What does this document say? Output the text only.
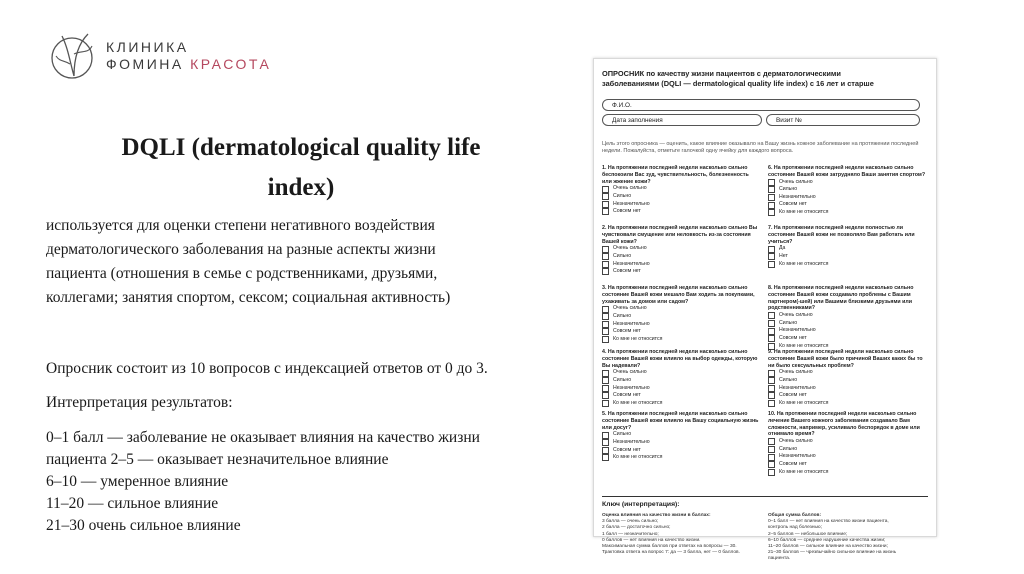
КЛИНИКА
ФОМИНА КРАСОТА
DQLI (dermatological quality life
index)
используется для оценки степени негативного воздействия
дерматологического заболевания на разные аспекты жизни
пациента (отношения в семье с родственниками, друзьями,
коллегами; занятия спортом, сексом; социальная активность)
Опросник состоит из 10 вопросов с индексацией ответов от 0 до 3.
Интерпретация результатов:
0–1 балл — заболевание не оказывает влияния на качество жизни
пациента 2–5 — оказывает незначительное влияние
6–10 — умеренное влияние
11–20 — сильное влияние
21–30 очень сильное влияние
ОПРОСНИК по качеству жизни пациентов с дерматологическими
заболеваниями (DQLI — dermatological quality life index) с 16 лет и старше
Ф.И.О.
Дата заполнения	Визит №
Цель этого опросника — оценить, какое влияние оказывало на Вашу жизнь кожное заболевание на протяжении последней
недели. Пожалуйста, отметьте галочкой одну ячейку для каждого вопроса.
1. На протяжении последней недели насколько сильно беспокоили Вас зуд, чувствительность, болезненность или жжение кожи?
Очень сильно
Сильно
Незначительно
Совсем нет
2. На протяжении последней недели насколько сильно Вы чувствовали смущение или неловкость из-за состояния Вашей кожи?
Очень сильно
Сильно
Незначительно
Совсем нет
3. На протяжении последней недели насколько сильно состояние Вашей кожи мешало Вам ходить за покупками, ухаживать за домом или садом?
Очень сильно
Сильно
Незначительно
Совсем нет
Ко мне не относится
4. На протяжении последней недели насколько сильно состояние Вашей кожи влияло на выбор одежды, которую Вы надевали?
Очень сильно
Сильно
Незначительно
Совсем нет
Ко мне не относится
5. На протяжении последней недели насколько сильно состояние Вашей кожи влияло на Вашу социальную жизнь или досуг?
Сильно
Незначительно
Совсем нет
Ко мне не относится
6. На протяжении последней недели насколько сильно состояние Вашей кожи затрудняло Ваши занятия спортом?
Очень сильно
Сильно
Незначительно
Совсем нет
Ко мне не относится
7. На протяжении последней недели полностью ли состояние Вашей кожи не позволяло Вам работать или учиться?
Да
Нет
Ко мне не относится
8. На протяжении последней недели насколько сильно состояние Вашей кожи создавало проблемы с Вашим партнером(-шей) или Вашими близкими друзьями или родственниками?
Очень сильно
Сильно
Незначительно
Совсем нет
Ко мне не относится
9. На протяжении последней недели насколько сильно состояние Вашей кожи было причиной Ваших каких бы то ни было сексуальных проблем?
Очень сильно
Сильно
Незначительно
Совсем нет
Ко мне не относится
10. На протяжении последней недели насколько сильно лечение Вашего кожного заболевания создавало Вам сложности, например, усиливало беспорядок в доме или отнимало время?
Очень сильно
Сильно
Незначительно
Совсем нет
Ко мне не относится
Ключ (интерпретация):
Оценка влияния на качество жизни в баллах:
3 балла — очень сильно;
2 балла — достаточно сильно;
1 балл — незначительно;
0 баллов — нет влияния на качество жизни.
Максимальная сумма баллов при ответах на вопросы — 30.
Трактовка ответа на вопрос 7: да — 3 балла, нет — 0 баллов.
Общая сумма баллов:
0–1 балл — нет влияния на качество жизни пациента,
контроль над болезнью;
2–5 баллов — небольшое влияние;
6–10 баллов — среднее нарушение качества жизни;
11–20 баллов — сильное влияние на качество жизни;
21–30 баллов — чрезвычайно сильное влияние на жизнь
пациента.
